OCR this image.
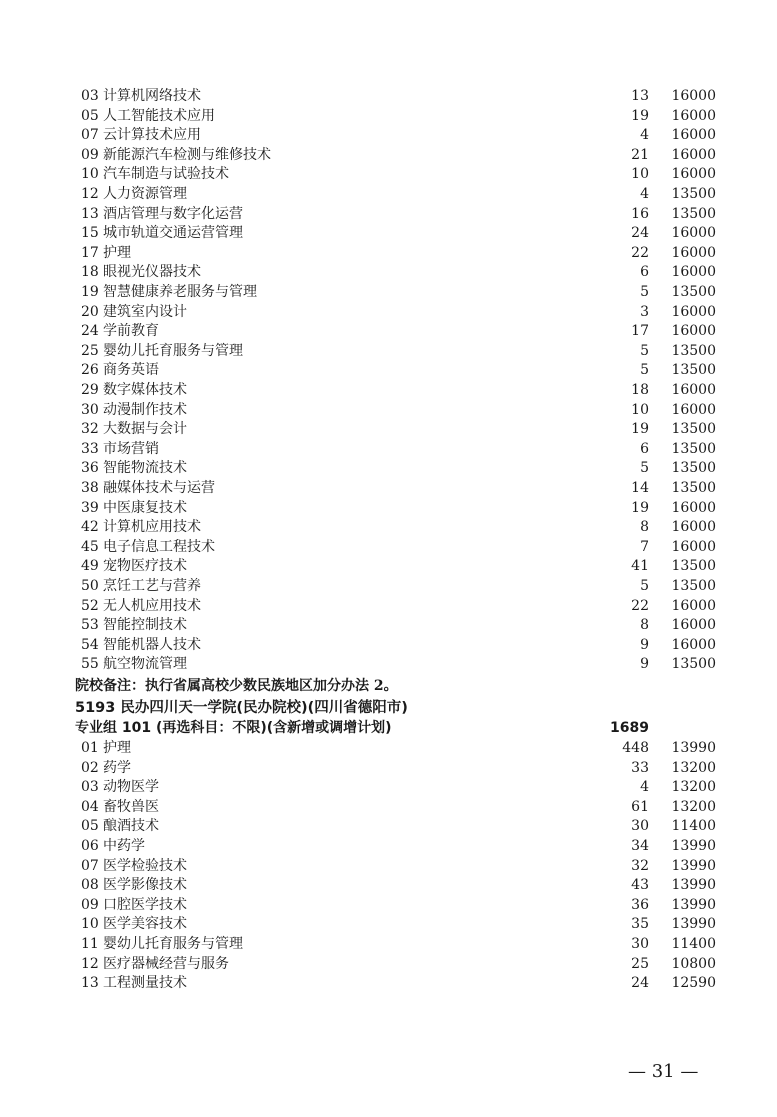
03 计算机网络技术	13 16000
05 人工智能技术应用	19 16000
07 云计算技术应用	4 16000
09 新能源汽车检测与维修技术	21 16000
10 汽车制造与试验技术	10 16000
12 人力资源管理	4 13500
13 酒店管理与数字化运营	16 13500
15 城市轨道交通运营管理	24 16000
17 护理	22 16000
18 眼视光仪器技术	6 16000
19 智慧健康养老服务与管理	5 13500
20 建筑室内设计	3 16000
24 学前教育	17 16000
25 婴幼儿托育服务与管理	5 13500
26 商务英语	5 13500
29 数字媒体技术	18 16000
30 动漫制作技术	10 16000
32 大数据与会计	19 13500
33 市场营销	6 13500
36 智能物流技术	5 13500
38 融媒体技术与运营	14 13500
39 中医康复技术	19 16000
42 计算机应用技术	8 16000
45 电子信息工程技术	7 16000
49 宠物医疗技术	41 13500
50 烹饪工艺与营养	5 13500
52 无人机应用技术	22 16000
53 智能控制技术	8 16000
54 智能机器人技术	9 16000
55 航空物流管理	9 13500
院校备注：执行省属高校少数民族地区加分办法 2。
5193 民办四川天一学院(民办院校)(四川省德阳市)
专业组 101 (再选科目：不限)(含新增或调增计划)	1689
01 护理	448 13990
02 药学	33 13200
03 动物医学	4 13200
04 畜牧兽医	61 13200
05 酿酒技术	30 11400
06 中药学	34 13990
07 医学检验技术	32 13990
08 医学影像技术	43 13990
09 口腔医学技术	36 13990
10 医学美容技术	35 13990
11 婴幼儿托育服务与管理	30 11400
12 医疗器械经营与服务	25 10800
13 工程测量技术	24 12590
— 31 —
